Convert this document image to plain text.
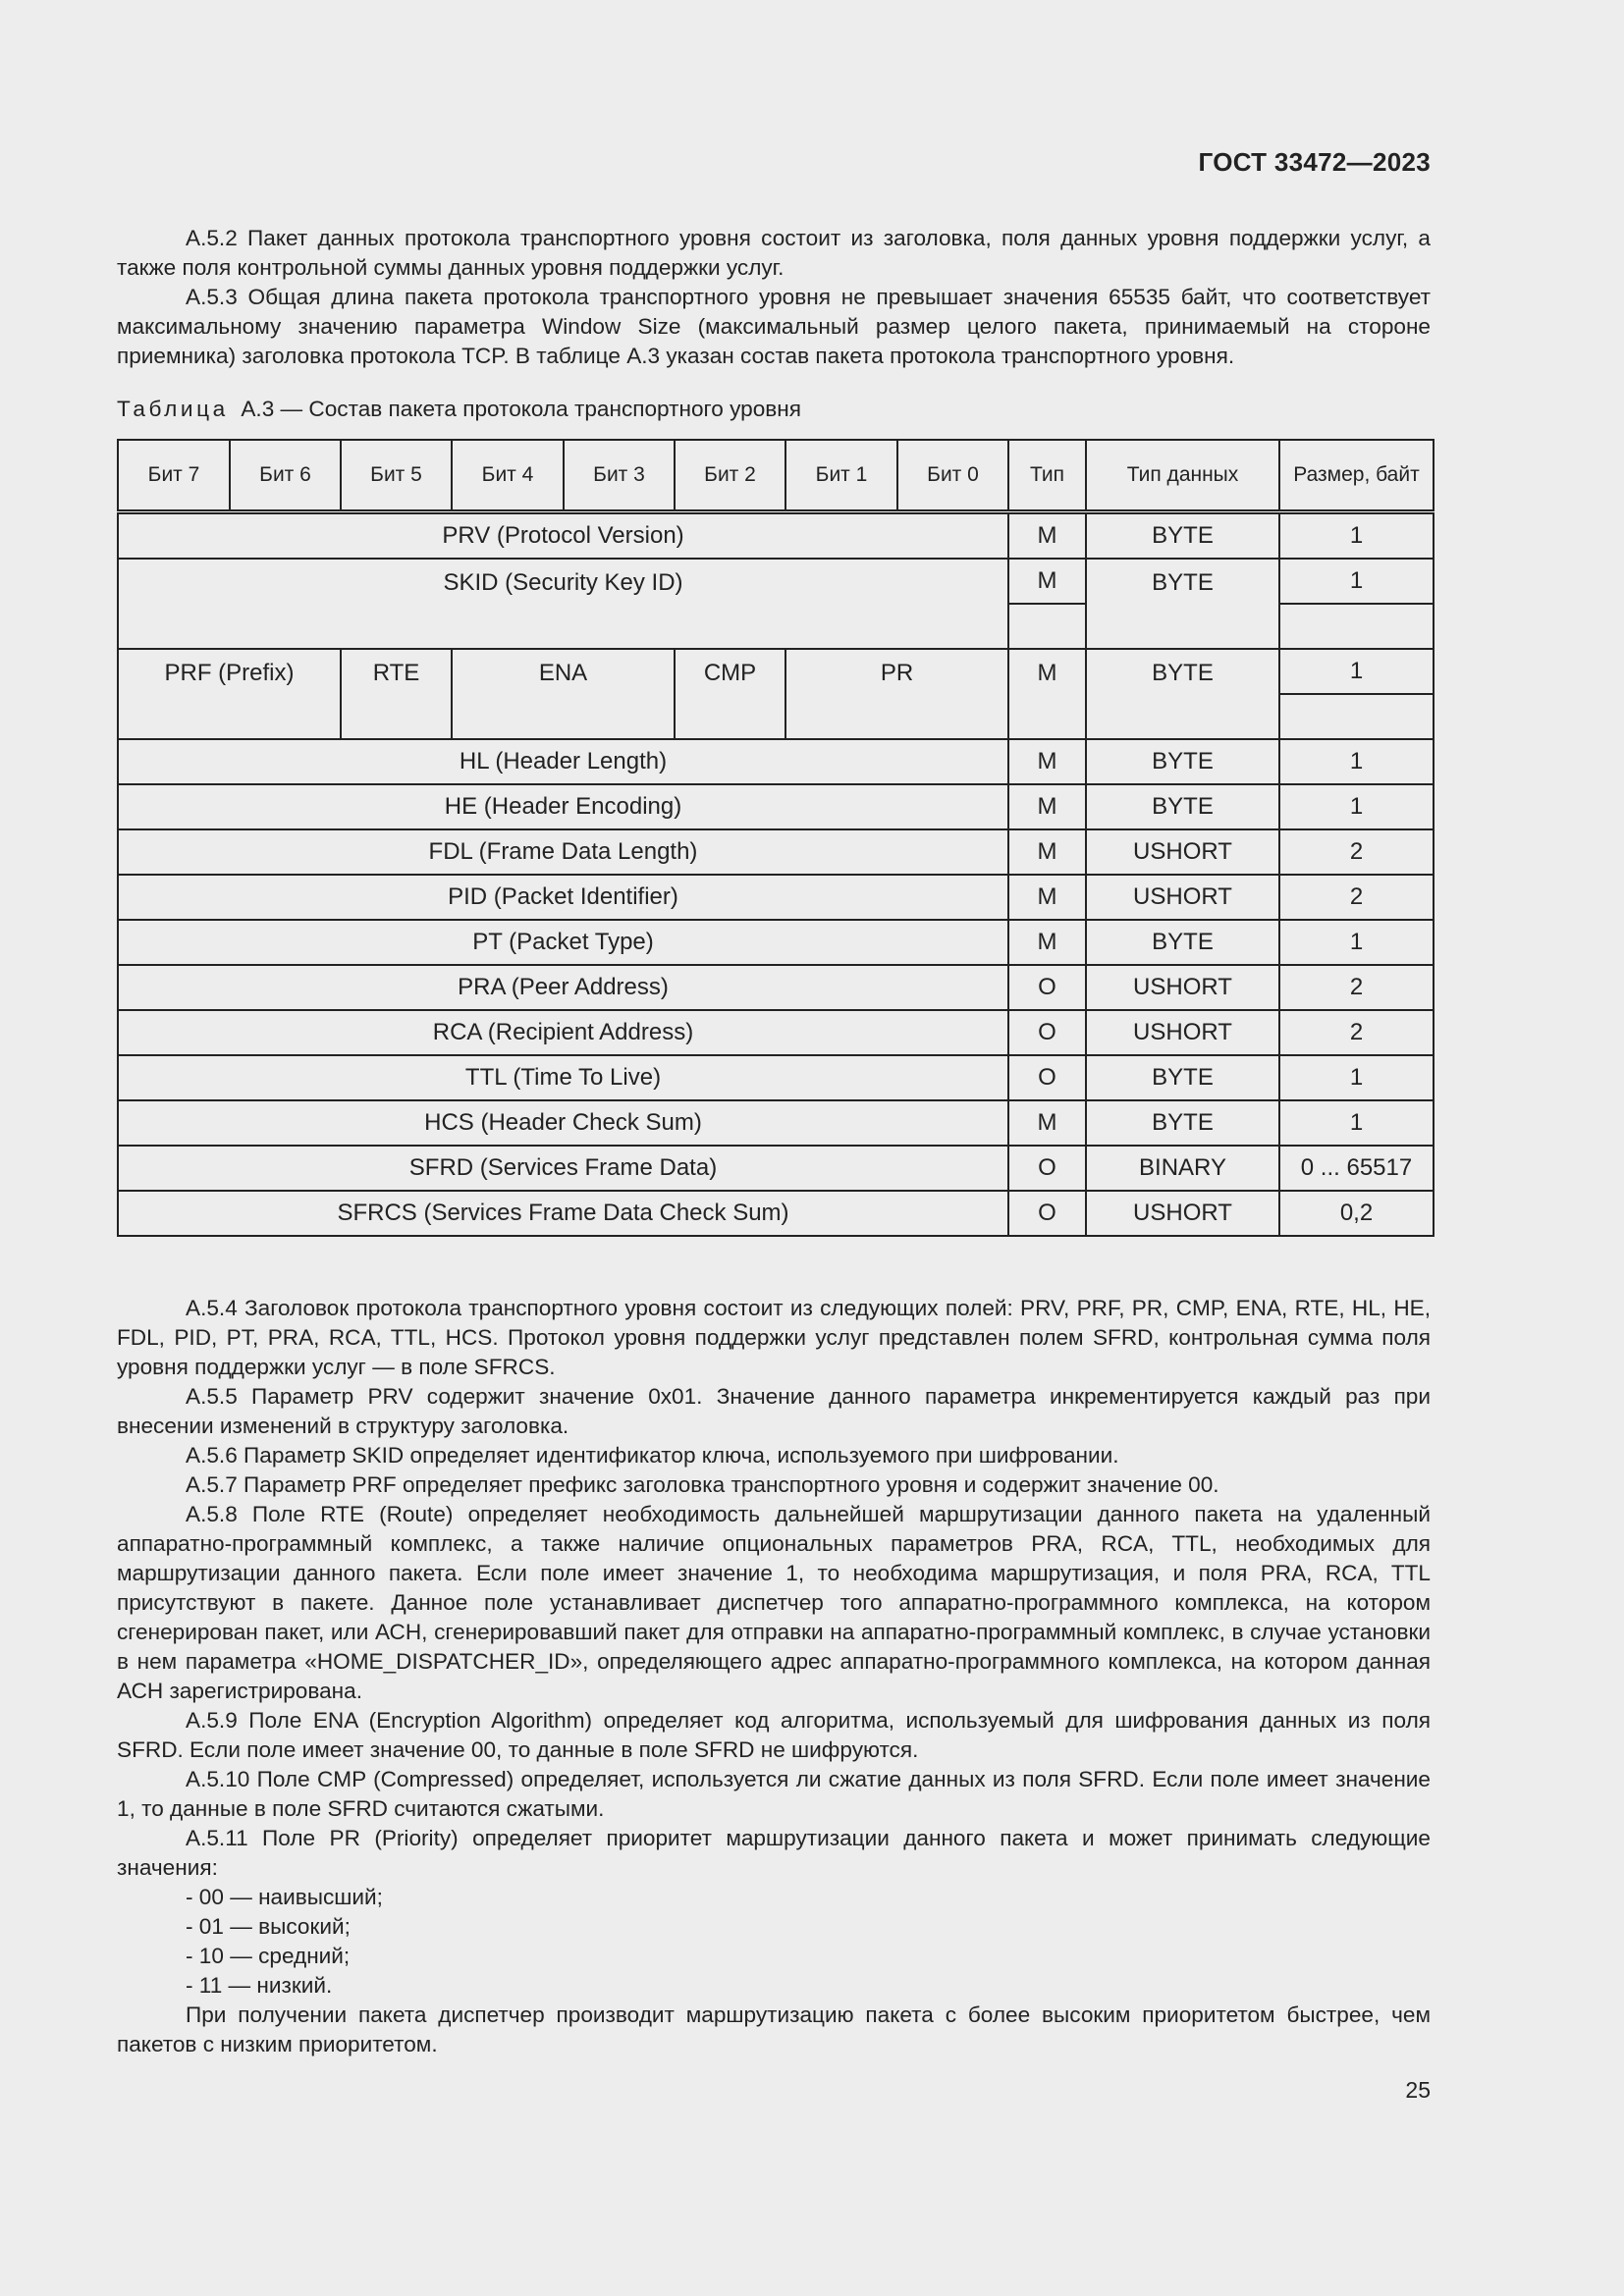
ГОСТ 33472—2023

А.5.2 Пакет данных протокола транспортного уровня состоит из заголовка, поля данных уровня поддержки услуг, а также поля контрольной суммы данных уровня поддержки услуг.

А.5.3 Общая длина пакета протокола транспортного уровня не превышает значения 65535 байт, что соответствует максимальному значению параметра Window Size (максимальный размер целого пакета, принимаемый на стороне приемника) заголовка протокола TCP. В таблице А.3 указан состав пакета протокола транспортного уровня.

Таблица А.3 — Состав пакета протокола транспортного уровня
Бит 7	Бит 6	Бит 5	Бит 4	Бит 3	Бит 2	Бит 1	Бит 0	Тип	Тип данных	Размер, байт
PRV (Protocol Version)								M	BYTE	1
SKID (Security Key ID)								M	BYTE	1

PRF (Prefix)		RTE	ENA		CMP	PR		M	BYTE	1

HL (Header Length)								M	BYTE	1
HE (Header Encoding)								M	BYTE	1
FDL (Frame Data Length)								M	USHORT	2
PID (Packet Identifier)								M	USHORT	2
PT (Packet Type)								M	BYTE	1
PRA (Peer Address)								O	USHORT	2
RCA (Recipient Address)								O	USHORT	2
TTL (Time To Live)								O	BYTE	1
HCS (Header Check Sum)								M	BYTE	1
SFRD (Services Frame Data)								O	BINARY	0 ... 65517
SFRCS (Services Frame Data Check Sum)								O	USHORT	0,2

А.5.4 Заголовок протокола транспортного уровня состоит из следующих полей: PRV, PRF, PR, CMP, ENA, RTE, HL, HE, FDL, PID, PT, PRA, RCA, TTL, HCS. Протокол уровня поддержки услуг представлен полем SFRD, контрольная сумма поля уровня поддержки услуг — в поле SFRCS.

А.5.5 Параметр PRV содержит значение 0x01. Значение данного параметра инкрементируется каждый раз при внесении изменений в структуру заголовка.

А.5.6 Параметр SKID определяет идентификатор ключа, используемого при шифровании.

А.5.7 Параметр PRF определяет префикс заголовка транспортного уровня и содержит значение 00.

А.5.8 Поле RTE (Route) определяет необходимость дальнейшей маршрутизации данного пакета на удаленный аппаратно-программный комплекс, а также наличие опциональных параметров PRA, RCA, TTL, необходимых для маршрутизации данного пакета. Если поле имеет значение 1, то необходима маршрутизация, и поля PRA, RCA, TTL присутствуют в пакете. Данное поле устанавливает диспетчер того аппаратно-программного комплекса, на котором сгенерирован пакет, или АСН, сгенерировавший пакет для отправки на аппаратно-программный комплекс, в случае установки в нем параметра «HOME_DISPATCHER_ID», определяющего адрес аппаратно-программного комплекса, на котором данная АСН зарегистрирована.

А.5.9 Поле ENA (Encryption Algorithm) определяет код алгоритма, используемый для шифрования данных из поля SFRD. Если поле имеет значение 00, то данные в поле SFRD не шифруются.

А.5.10 Поле CMP (Compressed) определяет, используется ли сжатие данных из поля SFRD. Если поле имеет значение 1, то данные в поле SFRD считаются сжатыми.

А.5.11 Поле PR (Priority) определяет приоритет маршрутизации данного пакета и может принимать следующие значения:

- 00 — наивысший;

- 01 — высокий;

- 10 — средний;

- 11 — низкий.

При получении пакета диспетчер производит маршрутизацию пакета с более высоким приоритетом быстрее, чем пакетов с низким приоритетом.

25
